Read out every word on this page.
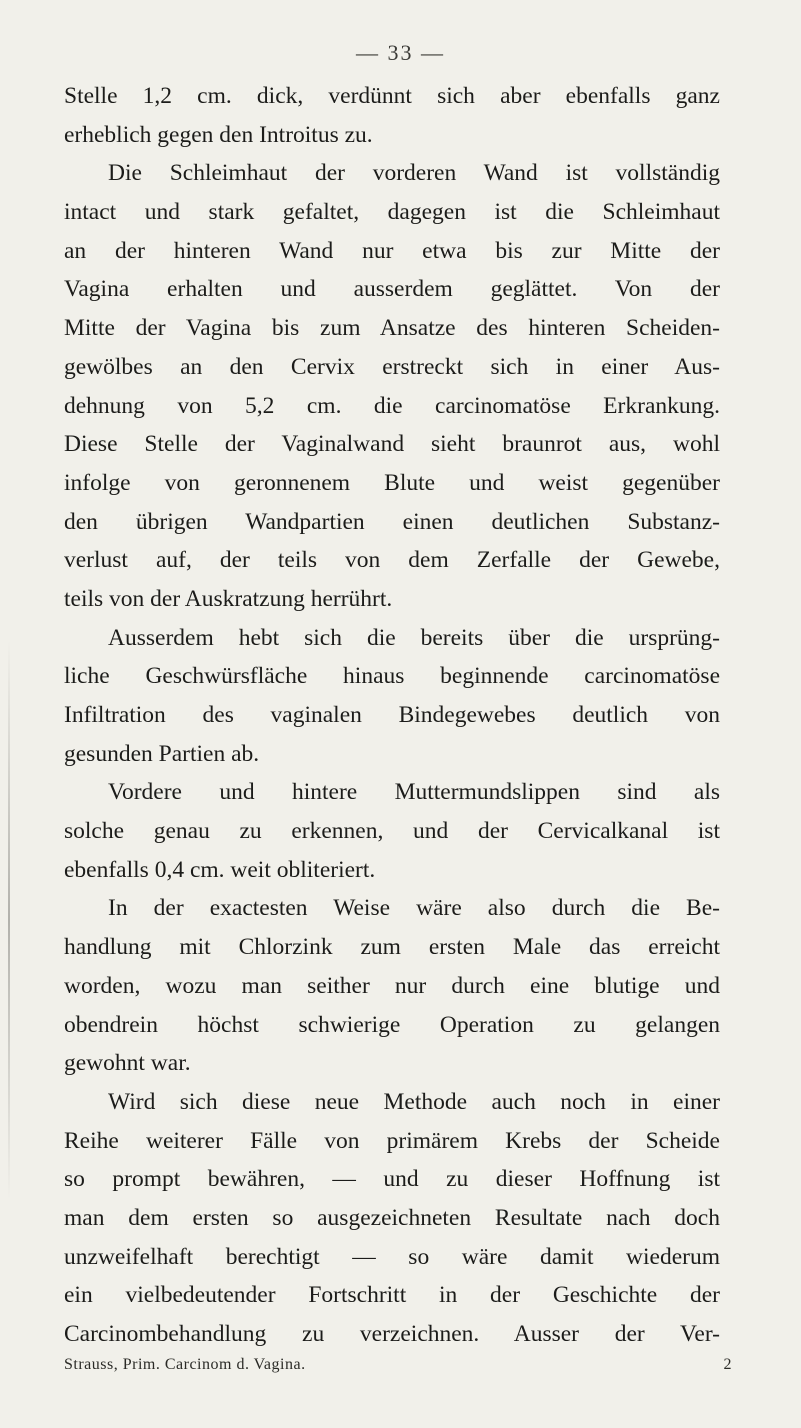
— 33 —
Stelle 1,2 cm. dick, verdünnt sich aber ebenfalls ganz
erheblich gegen den Introitus zu.
Die Schleimhaut der vorderen Wand ist vollständig
intact und stark gefaltet, dagegen ist die Schleimhaut
an der hinteren Wand nur etwa bis zur Mitte der
Vagina erhalten und ausserdem geglättet. Von der
Mitte der Vagina bis zum Ansatze des hinteren Scheiden-
gewölbes an den Cervix erstreckt sich in einer Aus-
dehnung von 5,2 cm. die carcinomatöse Erkrankung.
Diese Stelle der Vaginalwand sieht braunrot aus, wohl
infolge von geronnenem Blute und weist gegenüber
den übrigen Wandpartien einen deutlichen Substanz-
verlust auf, der teils von dem Zerfalle der Gewebe,
teils von der Auskratzung herrührt.
Ausserdem hebt sich die bereits über die ursprüng-
liche Geschwürsfläche hinaus beginnende carcinomatöse
Infiltration des vaginalen Bindegewebes deutlich von
gesunden Partien ab.
Vordere und hintere Muttermundslippen sind als
solche genau zu erkennen, und der Cervicalkanal ist
ebenfalls 0,4 cm. weit obliteriert.
In der exactesten Weise wäre also durch die Be-
handlung mit Chlorzink zum ersten Male das erreicht
worden, wozu man seither nur durch eine blutige und
obendrein höchst schwierige Operation zu gelangen
gewohnt war.
Wird sich diese neue Methode auch noch in einer
Reihe weiterer Fälle von primärem Krebs der Scheide
so prompt bewähren, — und zu dieser Hoffnung ist
man dem ersten so ausgezeichneten Resultate nach doch
unzweifelhaft berechtigt — so wäre damit wiederum
ein vielbedeutender Fortschritt in der Geschichte der
Carcinombehandlung zu verzeichnen. Ausser der Ver-
Strauss, Prim. Carcinom d. Vagina.	2
